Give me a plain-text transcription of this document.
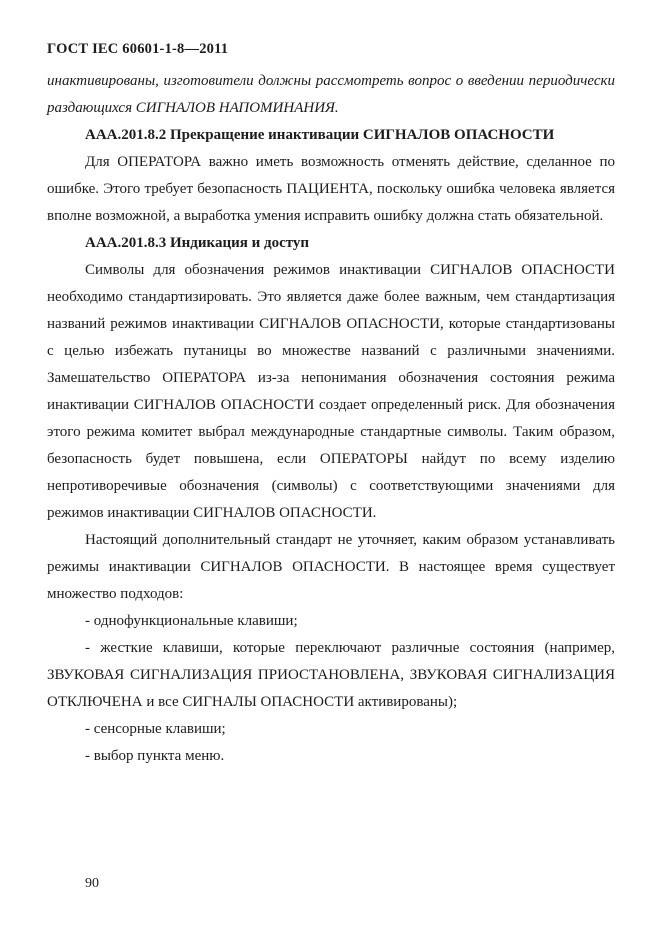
ГОСТ IEC 60601-1-8—2011

инактивированы, изготовители должны рассмотреть вопрос о введении периодически раздающихся СИГНАЛОВ НАПОМИНАНИЯ.

ААА.201.8.2 Прекращение инактивации СИГНАЛОВ ОПАСНОСТИ

Для ОПЕРАТОРА важно иметь возможность отменять действие, сделанное по ошибке. Этого требует безопасность ПАЦИЕНТА, поскольку ошибка человека является вполне возможной, а выработка умения исправить ошибку должна стать обязательной.

ААА.201.8.3 Индикация и доступ

Символы для обозначения режимов инактивации СИГНАЛОВ ОПАСНОСТИ необходимо стандартизировать. Это является даже более важным, чем стандартизация названий режимов инактивации СИГНАЛОВ ОПАСНОСТИ, которые стандартизованы с целью избежать путаницы во множестве названий с различными значениями. Замешательство ОПЕРАТОРА из-за непонимания обозначения состояния режима инактивации СИГНАЛОВ ОПАСНОСТИ создает определенный риск. Для обозначения этого режима комитет выбрал международные стандартные символы. Таким образом, безопасность будет повышена, если ОПЕРАТОРЫ найдут по всему изделию непротиворечивые обозначения (символы) с соответствующими значениями для режимов инактивации СИГНАЛОВ ОПАСНОСТИ.

Настоящий дополнительный стандарт не уточняет, каким образом устанавливать режимы инактивации СИГНАЛОВ ОПАСНОСТИ. В настоящее время существует множество подходов:

- однофункциональные клавиши;

- жесткие клавиши, которые переключают различные состояния (например, ЗВУКОВАЯ СИГНАЛИЗАЦИЯ ПРИОСТАНОВЛЕНА, ЗВУКОВАЯ СИГНАЛИЗАЦИЯ ОТКЛЮЧЕНА и все СИГНАЛЫ ОПАСНОСТИ активированы);

- сенсорные клавиши;

- выбор пункта меню.

90
